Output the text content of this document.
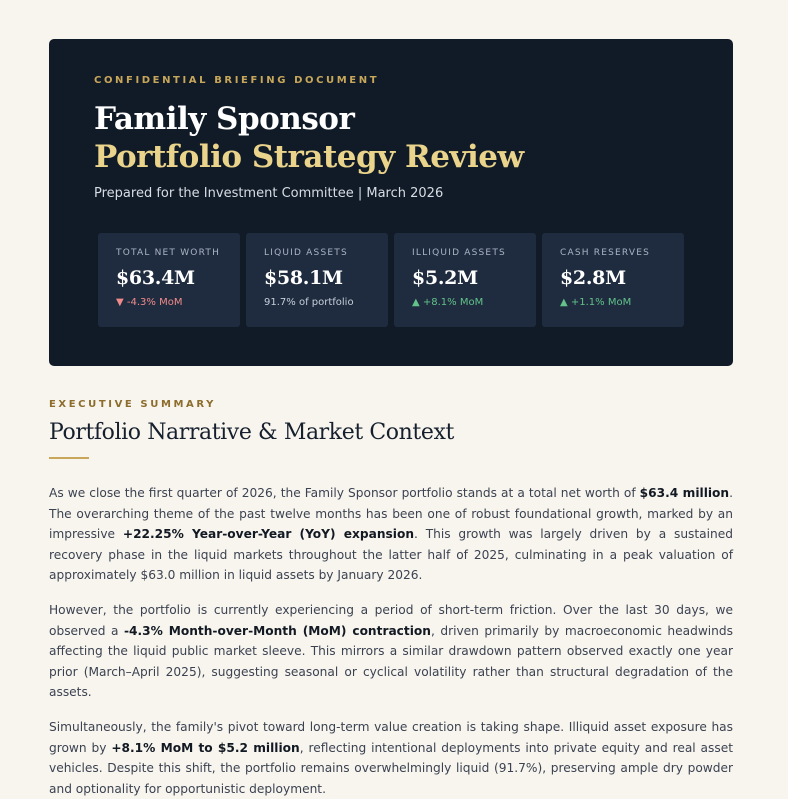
CONFIDENTIAL BRIEFING DOCUMENT

Family Sponsor
Portfolio Strategy Review

Prepared for the Investment Committee | March 2026

TOTAL NET WORTH

$63.4M

▼ -4.3% MoM

LIQUID ASSETS

$58.1M

91.7% of portfolio

ILLIQUID ASSETS

$5.2M

▲ +8.1% MoM

CASH RESERVES

$2.8M

▲ +1.1% MoM

EXECUTIVE SUMMARY

Portfolio Narrative & Market Context

As we close the first quarter of 2026, the Family Sponsor portfolio stands at a total net worth of $63.4 million. The overarching theme of the past twelve months has been one of robust foundational growth, marked by an impressive +22.25% Year-over-Year (YoY) expansion. This growth was largely driven by a sustained recovery phase in the liquid markets throughout the latter half of 2025, culminating in a peak valuation of approximately $63.0 million in liquid assets by January 2026.

However, the portfolio is currently experiencing a period of short-term friction. Over the last 30 days, we observed a -4.3% Month-over-Month (MoM) contraction, driven primarily by macroeconomic headwinds affecting the liquid public market sleeve. This mirrors a similar drawdown pattern observed exactly one year prior (March–April 2025), suggesting seasonal or cyclical volatility rather than structural degradation of the assets.

Simultaneously, the family's pivot toward long-term value creation is taking shape. Illiquid asset exposure has grown by +8.1% MoM to $5.2 million, reflecting intentional deployments into private equity and real asset vehicles. Despite this shift, the portfolio remains overwhelmingly liquid (91.7%), preserving ample dry powder and optionality for opportunistic deployment.
